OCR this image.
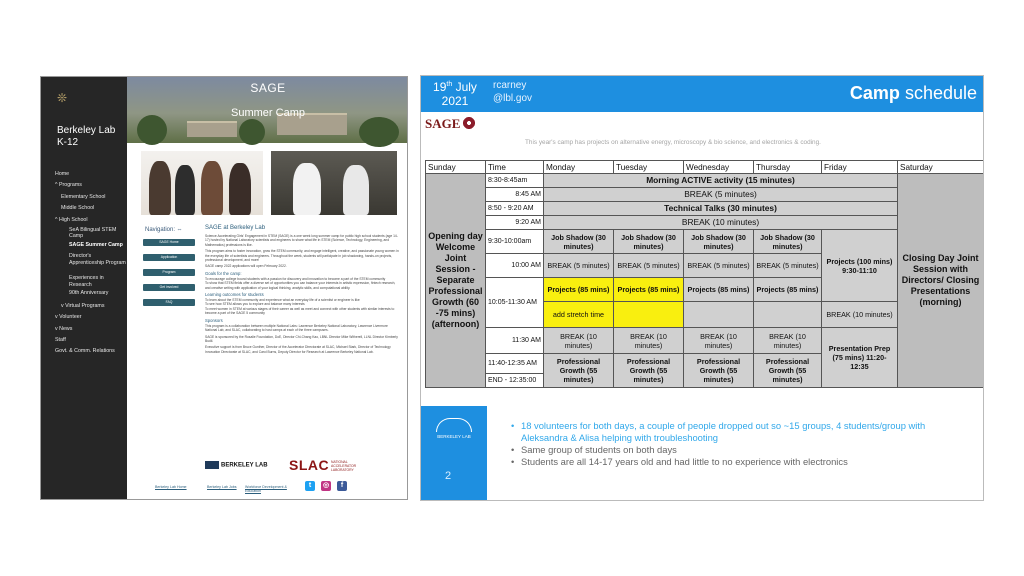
❊
Berkeley Lab K-12
Home
^ Programs
Elementary School
Middle School
^ High School
SeA Bilingual STEM Camp
SAGE Summer Camp
Director's Apprenticeship Program
Experiences in Research
90th Anniversary
v Virtual Programs
v Volunteer
v News
Staff
Govt. & Comm. Relations
SAGE
Summer Camp
Navigation: ⇔
SAGE Home
Application
Program
Get involved
FAQ
SAGE at Berkeley Lab

Science Accelerating Girls' Engagement in STEM (SAGE) is a one week long summer camp for public high school students (age 14-17) hosted by National Laboratory scientists and engineers to share what life in STEM (Science, Technology, Engineering, and Mathematics) professions is like.

This program aims to foster innovation, grow the STEM community, and engage intelligent, creative, and passionate young women in the everyday life of scientists and engineers. Throughout the week, students will participate in job shadowing, hands-on projects, professional development, and more!

SAGE camp 2022 applications will open February 2022.

Goals for the camp:
To encourage college bound students with a passion for discovery and innovation to become a part of the STEM community
To show that STEM fields offer a diverse set of opportunities you can balance your interests in artistic expression, fintech research, and creative writing with application of your logical thinking, analytic skills, and computational ability.
Learning outcomes for students
To learn about the STEM community and experience what an everyday life of a scientist or engineer is like
To see how STEM allows you to explore and balance many interests
To meet women in STEM at various stages of their career as well as meet and connect with other students with similar interests to become a part of the SAGE 5 community
Sponsors

This program is a collaboration between multiple National Labs: Lawrence Berkeley National Laboratory, Lawrence Livermore National Lab, and SLAC, collaborating to host camps at each of the three campuses.

SAGE is sponsored by the Rosalie Foundation, DoE, Director Chi-Chang Kao, LBNL Director Mike Witherell, LLNL Director Kimberly Budil.

Executive support is from Bruce Gunther, Director of the Accelerator Directorate at SLAC, Michael Stark, Director of Technology Innovation Directorate at SLAC, and Carol Burns, Deputy Director for Research at Lawrence Berkeley National Lab.

BERKELEY LAB SLAC NATIONAL ACCELERATOR LABORATORY
Berkeley Lab Home	Berkeley Lab Jobs Workforce Development & Education
t	◎	f
19th July
2021
rcarney
@lbl.gov	Camp schedule
SAGE
This year's camp has projects on alternative energy, microscopy & bio science, and electronics & coding.
Sunday	Time	Monday	Tuesday	Wednesday	Thursday	Friday	Saturday
Opening day Welcome Joint Session - Separate Professional Growth (60 -75 mins) (afternoon)	8:30-8:45am	Morning ACTIVE activity (15 minutes)					Closing Day Joint Session with Directors/ Closing Presentations (morning)
	8:45 AM	BREAK (5 minutes)					
	8:50 - 9:20 AM	Technical Talks (30 minutes)					
	9:20 AM	BREAK (10 minutes)					
	9:30-10:00am	Job Shadow (30 minutes)	Job Shadow (30 minutes)	Job Shadow (30 minutes)	Job Shadow (30 minutes)	Projects (100 mins) 9:30-11:10	
	10:00 AM	BREAK (5 minutes)	BREAK (5 minutes)	BREAK (5 minutes)	BREAK (5 minutes)		
	10:05-11:30 AM	Projects (85 mins)	Projects (85 mins)	Projects (85 mins)	Projects (85 mins)		
		add stretch time				BREAK (10 minutes)	
	11:30 AM	BREAK (10 minutes)	BREAK (10 minutes)	BREAK (10 minutes)	BREAK (10 minutes)	Presentation Prep (75 mins) 11:20-12:35	
	11:40-12:35 AM	Professional Growth (55 minutes)	Professional Growth (55 minutes)	Professional Growth (55 minutes)	Professional Growth (55 minutes)		
	END - 12:35:00						
BERKELEY LAB
2
• 18 volunteers for both days, a couple of people dropped out so ~15 groups, 4 students/group with Aleksandra & Alisa helping with troubleshooting
• Same group of students on both days
• Students are all 14-17 years old and had little to no experience with electronics
